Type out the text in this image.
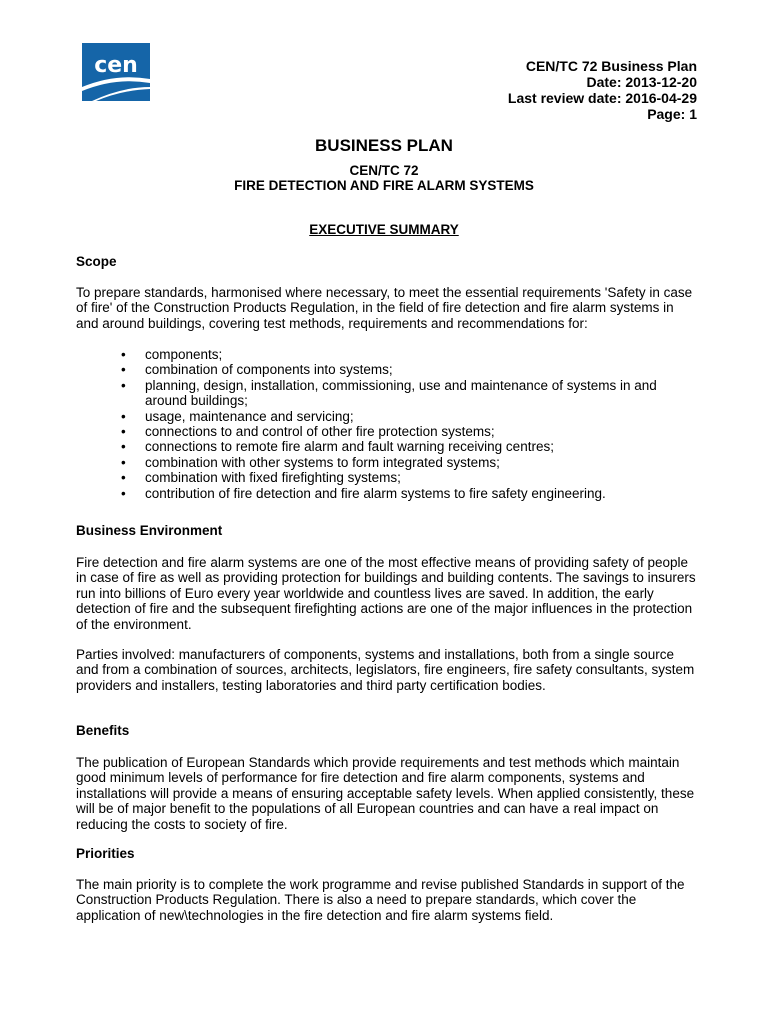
cen	CEN/TC 72 Business Plan
Date: 2013-12-20
Last review date: 2016-04-29
Page: 1
BUSINESS PLAN
CEN/TC 72
FIRE DETECTION AND FIRE ALARM SYSTEMS
EXECUTIVE SUMMARY
Scope
To prepare standards, harmonised where necessary, to meet the essential requirements 'Safety in case of fire' of the Construction Products Regulation, in the field of fire detection and fire alarm systems in and around buildings, covering test methods, requirements and recommendations for:
• components;
• combination of components into systems;
• planning, design, installation, commissioning, use and maintenance of systems in and around buildings;
• usage, maintenance and servicing;
• connections to and control of other fire protection systems;
• connections to remote fire alarm and fault warning receiving centres;
• combination with other systems to form integrated systems;
• combination with fixed firefighting systems;
• contribution of fire detection and fire alarm systems to fire safety engineering.
Business Environment
Fire detection and fire alarm systems are one of the most effective means of providing safety of people in case of fire as well as providing protection for buildings and building contents. The savings to insurers run into billions of Euro every year worldwide and countless lives are saved. In addition, the early detection of fire and the subsequent firefighting actions are one of the major influences in the protection of the environment.
Parties involved: manufacturers of components, systems and installations, both from a single source and from a combination of sources, architects, legislators, fire engineers, fire safety consultants, system providers and installers, testing laboratories and third party certification bodies.
Benefits
The publication of European Standards which provide requirements and test methods which maintain good minimum levels of performance for fire detection and fire alarm components, systems and installations will provide a means of ensuring acceptable safety levels. When applied consistently, these will be of major benefit to the populations of all European countries and can have a real impact on reducing the costs to society of fire.
Priorities
The main priority is to complete the work programme and revise published Standards in support of the Construction Products Regulation. There is also a need to prepare standards, which cover the application of new\technologies in the fire detection and fire alarm systems field.
